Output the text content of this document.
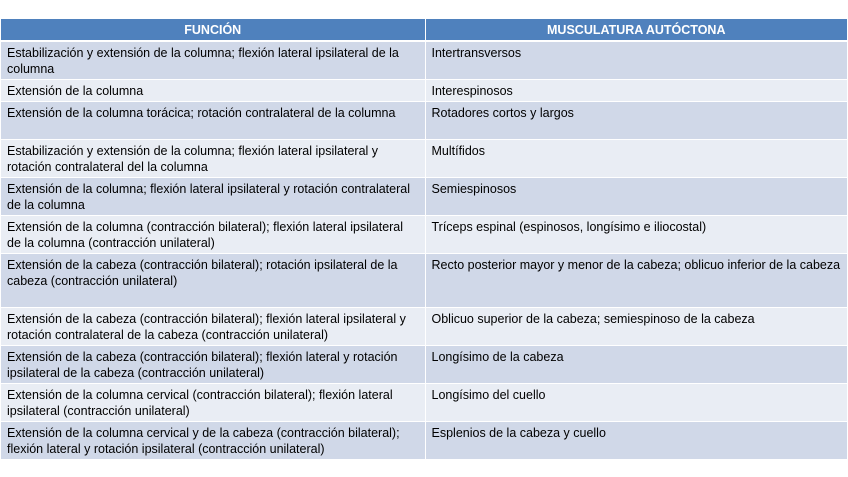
FUNCIÓN	MUSCULATURA AUTÓCTONA
Estabilización y extensión de la columna; flexión lateral ipsilateral de la columna	Intertransversos
Extensión de la columna	Interespinosos
Extensión de la columna torácica; rotación contralateral de la columna	Rotadores cortos y largos
Estabilización y extensión de la columna; flexión lateral ipsilateral y rotación contralateral del la columna	Multífidos
Extensión de la columna; flexión lateral ipsilateral y rotación contralateral de la columna	Semiespinosos
Extensión de la columna (contracción bilateral); flexión lateral ipsilateral de la columna (contracción unilateral)	Tríceps espinal (espinosos, longísimo e iliocostal)
Extensión de la cabeza (contracción bilateral); rotación ipsilateral de la cabeza (contracción unilateral)	Recto posterior mayor y menor de la cabeza; oblicuo inferior de la cabeza
Extensión de la cabeza (contracción bilateral); flexión lateral ipsilateral y rotación contralateral de la cabeza (contracción unilateral)	Oblicuo superior de la cabeza; semiespinoso de la cabeza
Extensión de la cabeza (contracción bilateral); flexión lateral y rotación ipsilateral de la cabeza (contracción unilateral)	Longísimo de la cabeza
Extensión de la columna cervical (contracción bilateral); flexión lateral ipsilateral (contracción unilateral)	Longísimo del cuello
Extensión de la columna cervical y de la cabeza (contracción bilateral); flexión lateral y rotación ipsilateral (contracción unilateral)	Esplenios de la cabeza y cuello
